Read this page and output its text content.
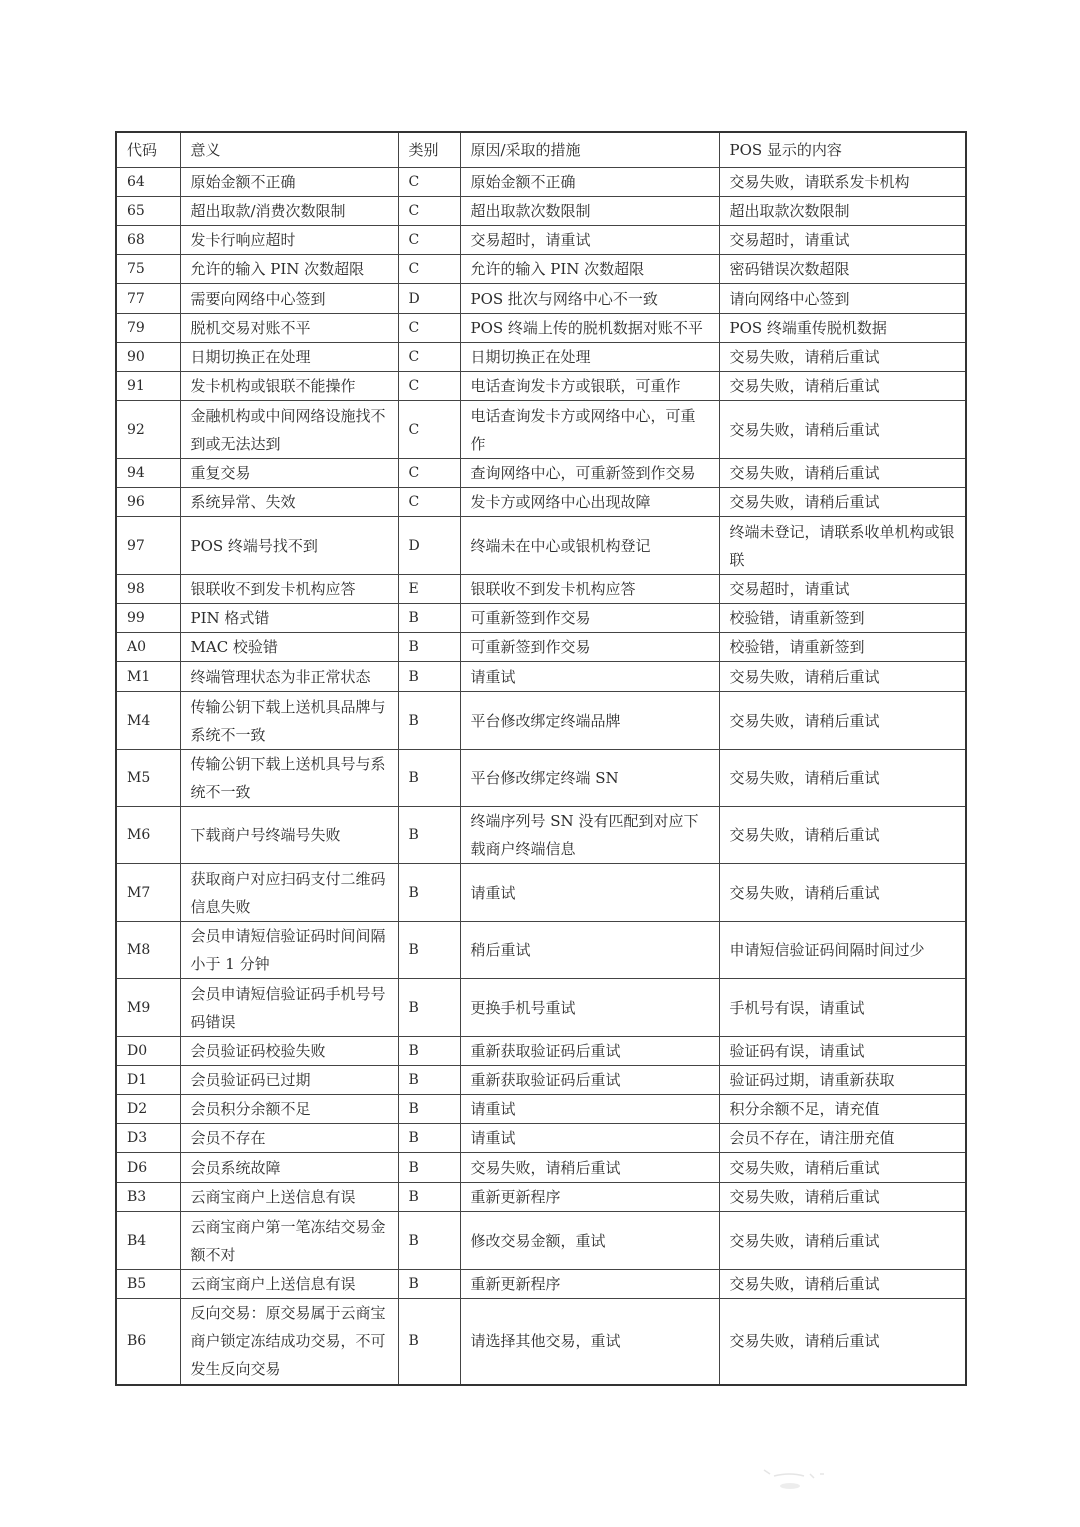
代码	意义	类别	原因/采取的措施	POS 显示的内容
64	原始金额不正确	C	原始金额不正确	交易失败，请联系发卡机构
65	超出取款/消费次数限制	C	超出取款次数限制	超出取款次数限制
68	发卡行响应超时	C	交易超时，请重试	交易超时，请重试
75	允许的输入 PIN 次数超限	C	允许的输入 PIN 次数超限	密码错误次数超限
77	需要向网络中心签到	D	POS 批次与网络中心不一致	请向网络中心签到
79	脱机交易对账不平	C	POS 终端上传的脱机数据对账不平	POS 终端重传脱机数据
90	日期切换正在处理	C	日期切换正在处理	交易失败，请稍后重试
91	发卡机构或银联不能操作	C	电话查询发卡方或银联，可重作	交易失败，请稍后重试
92	金融机构或中间网络设施找不到或无法达到	C	电话查询发卡方或网络中心，可重作	交易失败，请稍后重试
94	重复交易	C	查询网络中心，可重新签到作交易	交易失败，请稍后重试
96	系统异常、失效	C	发卡方或网络中心出现故障	交易失败，请稍后重试
97	POS 终端号找不到	D	终端未在中心或银机构登记	终端未登记，请联系收单机构或银联
98	银联收不到发卡机构应答	E	银联收不到发卡机构应答	交易超时，请重试
99	PIN 格式错	B	可重新签到作交易	校验错，请重新签到
A0	MAC 校验错	B	可重新签到作交易	校验错，请重新签到
M1	终端管理状态为非正常状态	B	请重试	交易失败，请稍后重试
M4	传输公钥下载上送机具品牌与系统不一致	B	平台修改绑定终端品牌	交易失败，请稍后重试
M5	传输公钥下载上送机具号与系统不一致	B	平台修改绑定终端 SN	交易失败，请稍后重试
M6	下载商户号终端号失败	B	终端序列号 SN 没有匹配到对应下载商户终端信息	交易失败，请稍后重试
M7	获取商户对应扫码支付二维码信息失败	B	请重试	交易失败，请稍后重试
M8	会员申请短信验证码时间间隔小于 1 分钟	B	稍后重试	申请短信验证码间隔时间过少
M9	会员申请短信验证码手机号号码错误	B	更换手机号重试	手机号有误，请重试
D0	会员验证码校验失败	B	重新获取验证码后重试	验证码有误，请重试
D1	会员验证码已过期	B	重新获取验证码后重试	验证码过期，请重新获取
D2	会员积分余额不足	B	请重试	积分余额不足，请充值
D3	会员不存在	B	请重试	会员不存在，请注册充值
D6	会员系统故障	B	交易失败，请稍后重试	交易失败，请稍后重试
B3	云商宝商户上送信息有误	B	重新更新程序	交易失败，请稍后重试
B4	云商宝商户第一笔冻结交易金额不对	B	修改交易金额，重试	交易失败，请稍后重试
B5	云商宝商户上送信息有误	B	重新更新程序	交易失败，请稍后重试
B6	反向交易：原交易属于云商宝商户锁定冻结成功交易，不可发生反向交易	B	请选择其他交易，重试	交易失败，请稍后重试
